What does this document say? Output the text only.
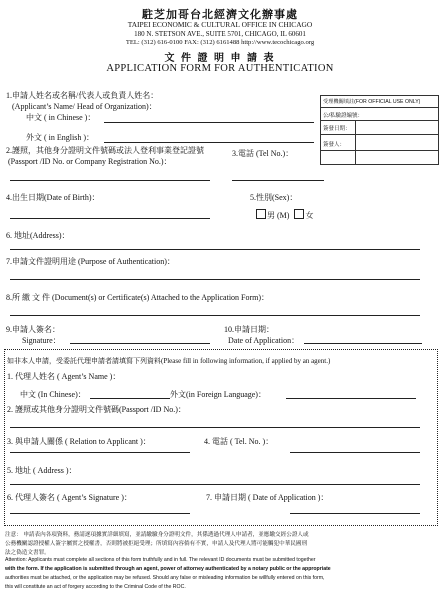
駐芝加哥台北經濟文化辦事處
TAIPEI ECONOMIC & CULTURAL OFFICE IN CHICAGO
180 N. STETSON AVE., SUITE 5701, CHICAGO, IL 60601
TEL: (312) 616-0100 FAX: (312) 6161488 http://www.tecochicago.org
文 件 證 明 申 請 表
APPLICATION FORM FOR AUTHENTICATION
受理機關填註(FOR OFFICIAL USE ONLY)
公/私驗證編號：
簽發日期：
簽發人：
1.申請人姓名或名稱/代表人或負責人姓名：
(Applicant’s Name/ Head of Organization)：
中文 ( in Chinese )：
外文 ( in English )：
2.護照，其他身分證明文件號碼或法人登利事業登記證號
(Passport /ID No. or Company Registration No.)：
3.電話 (Tel No.)：
4.出生日期(Date of Birth)：	5.性別(Sex)：
男 (M) 女
6. 地址(Address)：
7.申請文件證明用途 (Purpose of Authentication)：
8.所 繳 文 件 (Document(s) or Certificate(s) Attached to the Application Form)：
9.申請人簽名：
Signature：
10.申請日期：
Date of Application：
如非本人申請，受委託代理申請者請填寫下列資料(Please fill in following information, if applied by an agent.)
1. 代理人姓名 ( Agent’s Name )：
中文 (In Chinese)：	外文(in Foreign Language)：
2. 護照或其他身分證明文件號碼(Passport /ID No.)：
3. 與申請人關係 ( Relation to Applicant )：	4. 電話 ( Tel. No. )：
5. 地址 ( Address )：
6. 代理人簽名 ( Agent’s Signature )：	7. 申請日期 ( Date of Application )：
注意： 申請表內各項資料，務請逐項據實詳細填寫，並請繳驗身分證明文件，其係透過代理人申請者，並應繳交經公證人或
公務機關認證授權人簽字屬實之授權書，否則將被拒絕受理；所填寫內容倘有不實，申請人及代理人將可能觸犯中華民國刑
法之偽造文書罪。
Attention: Applicants must complete all sections of this form truthfully and in full. The relevant ID documents must be submitted together
with the form. If the application is submitted through an agent, power of attorney authenticated by a notary public or the appropriate
authorities must be attached, or the application may be refused. Should any false or misleading information be willfully entered on this form,
this will constitute an act of forgery according to the Criminal Code of the ROC.
